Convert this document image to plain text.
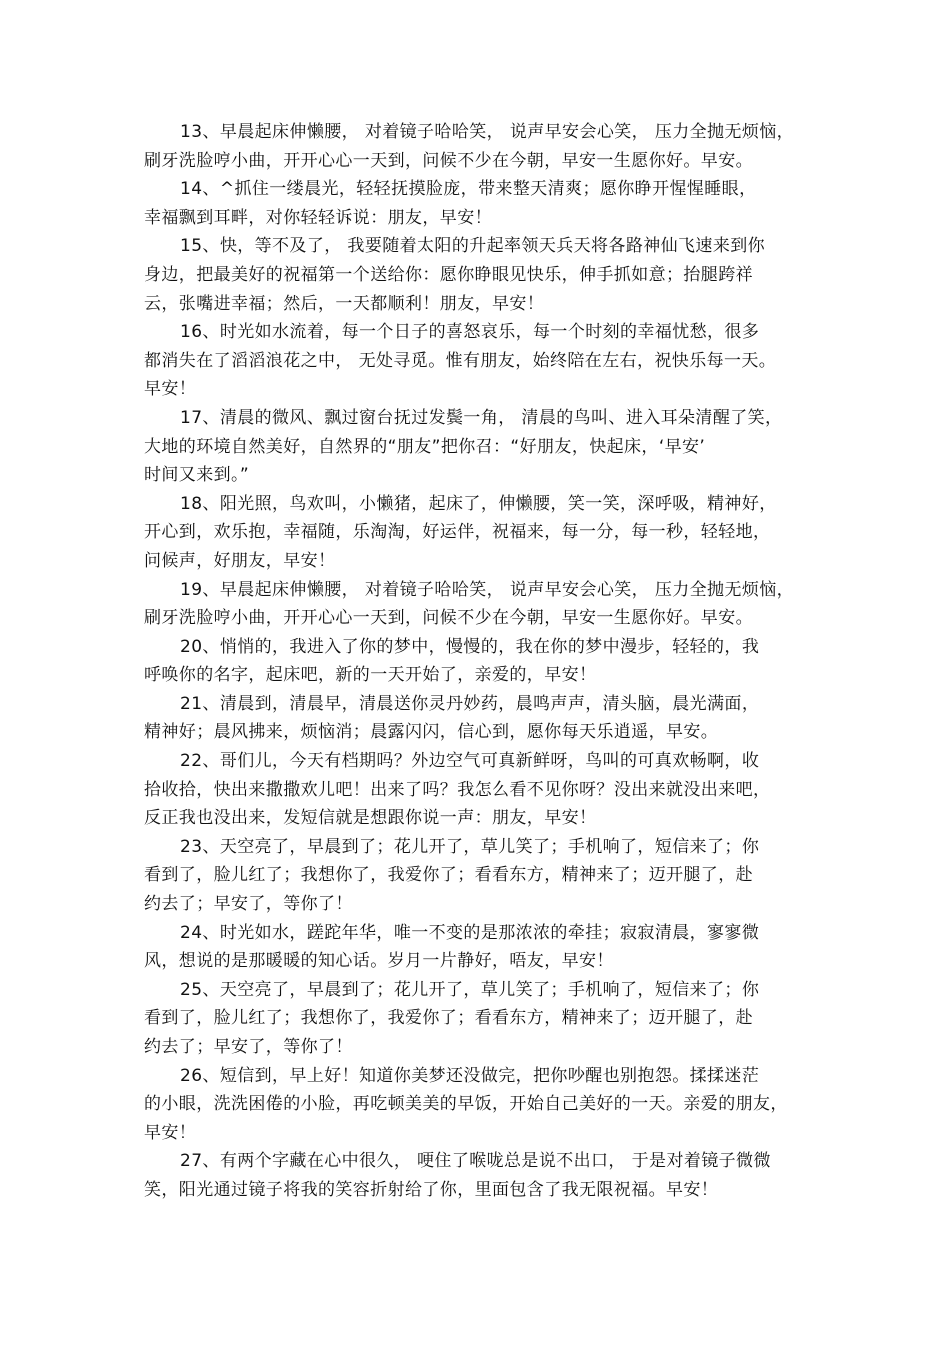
13、早晨起床伸懒腰， 对着镜子哈哈笑， 说声早安会心笑， 压力全抛无烦恼，
刷牙洗脸哼小曲，开开心心一天到，问候不少在今朝，早安一生愿你好。早安。
14、^抓住一缕晨光，轻轻抚摸脸庞，带来整天清爽；愿你睁开惺惺睡眼，
幸福飘到耳畔，对你轻轻诉说：朋友，早安！
15、快，等不及了， 我要随着太阳的升起率领天兵天将各路神仙飞速来到你
身边，把最美好的祝福第一个送给你：愿你睁眼见快乐，伸手抓如意；抬腿跨祥
云，张嘴进幸福；然后，一天都顺利！朋友，早安！
16、时光如水流着，每一个日子的喜怒哀乐，每一个时刻的幸福忧愁，很多
都消失在了滔滔浪花之中， 无处寻觅。惟有朋友，始终陪在左右，祝快乐每一天。
早安！
17、清晨的微风、飘过窗台抚过发鬓一角， 清晨的鸟叫、进入耳朵清醒了笑，
大地的环境自然美好，自然界的“朋友”把你召：“好朋友，快起床，‘早安’
时间又来到。”
18、阳光照，鸟欢叫，小懒猪，起床了，伸懒腰，笑一笑，深呼吸，精神好，
开心到，欢乐抱，幸福随，乐淘淘，好运伴，祝福来，每一分，每一秒，轻轻地，
问候声，好朋友，早安！
19、早晨起床伸懒腰， 对着镜子哈哈笑， 说声早安会心笑， 压力全抛无烦恼，
刷牙洗脸哼小曲，开开心心一天到，问候不少在今朝，早安一生愿你好。早安。
20、悄悄的，我进入了你的梦中，慢慢的，我在你的梦中漫步，轻轻的，我
呼唤你的名字，起床吧，新的一天开始了，亲爱的，早安！
21、清晨到，清晨早，清晨送你灵丹妙药，晨鸣声声，清头脑，晨光满面，
精神好；晨风拂来，烦恼消；晨露闪闪，信心到，愿你每天乐逍遥，早安。
22、哥们儿，今天有档期吗？外边空气可真新鲜呀，鸟叫的可真欢畅啊，收
拾收拾，快出来撒撒欢儿吧！出来了吗？我怎么看不见你呀？没出来就没出来吧，
反正我也没出来，发短信就是想跟你说一声：朋友，早安！
23、天空亮了，早晨到了；花儿开了，草儿笑了；手机响了，短信来了；你
看到了，脸儿红了；我想你了，我爱你了；看看东方，精神来了；迈开腿了，赴
约去了；早安了，等你了！
24、时光如水，蹉跎年华，唯一不变的是那浓浓的牵挂；寂寂清晨，寥寥微
风，想说的是那暖暖的知心话。岁月一片静好，唔友，早安！
25、天空亮了，早晨到了；花儿开了，草儿笑了；手机响了，短信来了；你
看到了，脸儿红了；我想你了，我爱你了；看看东方，精神来了；迈开腿了，赴
约去了；早安了，等你了！
26、短信到，早上好！知道你美梦还没做完，把你吵醒也别抱怨。揉揉迷茫
的小眼，洗洗困倦的小脸，再吃顿美美的早饭，开始自己美好的一天。亲爱的朋友，
早安！
27、有两个字藏在心中很久， 哽住了喉咙总是说不出口， 于是对着镜子微微
笑，阳光通过镜子将我的笑容折射给了你，里面包含了我无限祝福。早安！
